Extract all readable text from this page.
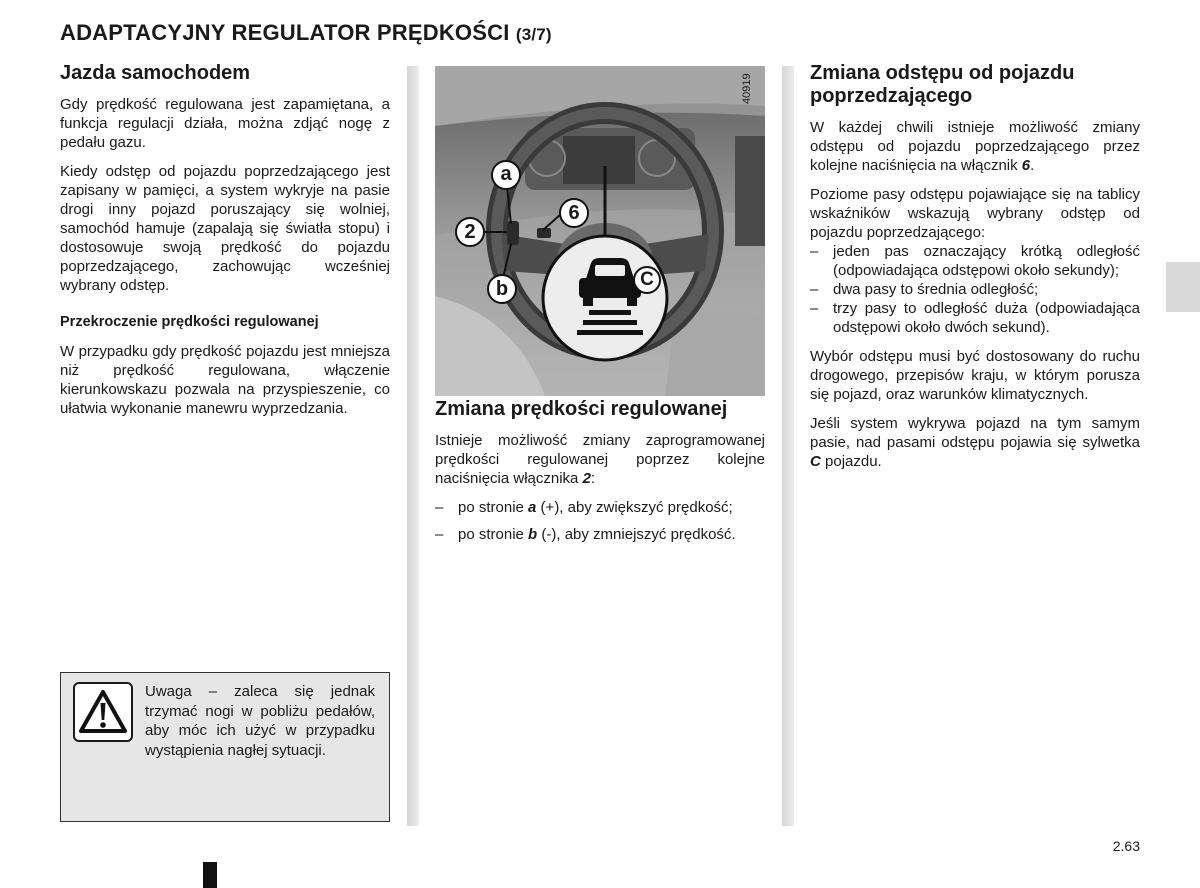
ADAPTACYJNY REGULATOR PRĘDKOŚCI (3/7)
Jazda samochodem

Gdy prędkość regulowana jest zapamiętana, a funkcja regulacji działa, można zdjąć nogę z pedału gazu.

Kiedy odstęp od pojazdu poprzedzającego jest zapisany w pamięci, a system wykryje na pasie drogi inny pojazd poruszający się wolniej, samochód hamuje (zapalają się światła stopu) i dostosowuje swoją prędkość do pojazdu poprzedzającego, zachowując wcześniej wybrany odstęp.

Przekroczenie prędkości regulowanej

W przypadku gdy prędkość pojazdu jest mniejsza niż prędkość regulowana, włączenie kierunkowskazu pozwala na przyspieszenie, co ułatwia wykonanie manewru wyprzedzania.

Uwaga – zaleca się jednak trzymać nogi w pobliżu pedałów, aby móc ich użyć w przypadku wystąpienia nagłej sytuacji.

40919
a
2
6
b	C
Zmiana prędkości regulowanej

Istnieje możliwość zmiany zaprogramowanej prędkości regulowanej poprzez kolejne naciśnięcia włącznika 2:

– po stronie a (+), aby zwiększyć prędkość;
– po stronie b (-), aby zmniejszyć prędkość.
Zmiana odstępu od pojazdu poprzedzającego

W każdej chwili istnieje możliwość zmiany odstępu od pojazdu poprzedzającego przez kolejne naciśnięcia na włącznik 6.

Poziome pasy odstępu pojawiające się na tablicy wskaźników wskazują wybrany odstęp od pojazdu poprzedzającego:

– jeden pas oznaczający krótką odległość (odpowiadająca odstępowi około sekundy);
– dwa pasy to średnia odległość;
– trzy pasy to odległość duża (odpowiadająca odstępowi około dwóch sekund).

Wybór odstępu musi być dostosowany do ruchu drogowego, przepisów kraju, w którym porusza się pojazd, oraz warunków klimatycznych.

Jeśli system wykrywa pojazd na tym samym pasie, nad pasami odstępu pojawia się sylwetka C pojazdu.

2.63
